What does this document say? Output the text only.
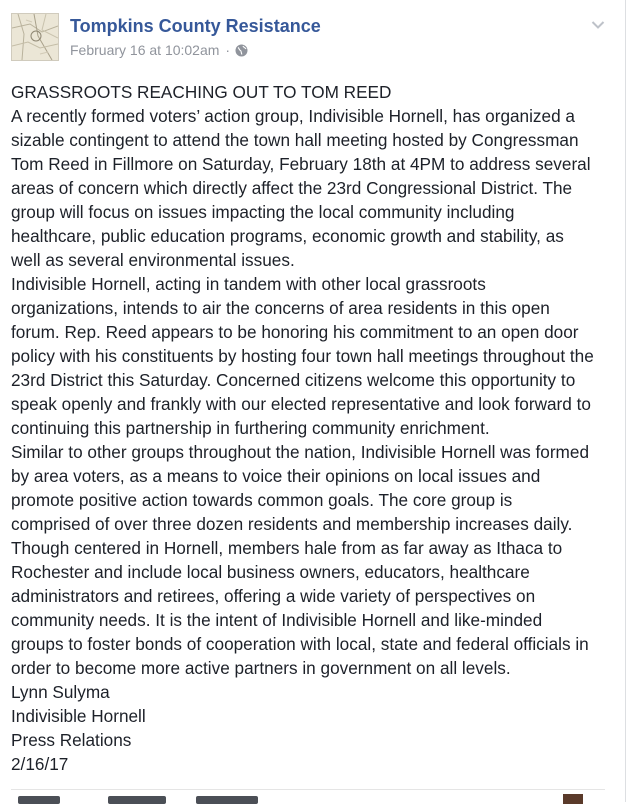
Tompkins County Resistance
February 16 at 10:02am ·

GRASSROOTS REACHING OUT TO TOM REED

A recently formed voters’ action group, Indivisible Hornell, has organized a

sizable contingent to attend the town hall meeting hosted by Congressman

Tom Reed in Fillmore on Saturday, February 18th at 4PM to address several

areas of concern which directly affect the 23rd Congressional District. The

group will focus on issues impacting the local community including

healthcare, public education programs, economic growth and stability, as

well as several environmental issues.

Indivisible Hornell, acting in tandem with other local grassroots

organizations, intends to air the concerns of area residents in this open

forum. Rep. Reed appears to be honoring his commitment to an open door

policy with his constituents by hosting four town hall meetings throughout the

23rd District this Saturday. Concerned citizens welcome this opportunity to

speak openly and frankly with our elected representative and look forward to

continuing this partnership in furthering community enrichment.

Similar to other groups throughout the nation, Indivisible Hornell was formed

by area voters, as a means to voice their opinions on local issues and

promote positive action towards common goals. The core group is

comprised of over three dozen residents and membership increases daily.

Though centered in Hornell, members hale from as far away as Ithaca to

Rochester and include local business owners, educators, healthcare

administrators and retirees, offering a wide variety of perspectives on

community needs. It is the intent of Indivisible Hornell and like-minded

groups to foster bonds of cooperation with local, state and federal officials in

order to become more active partners in government on all levels.

Lynn Sulyma

Indivisible Hornell

Press Relations

2/16/17
